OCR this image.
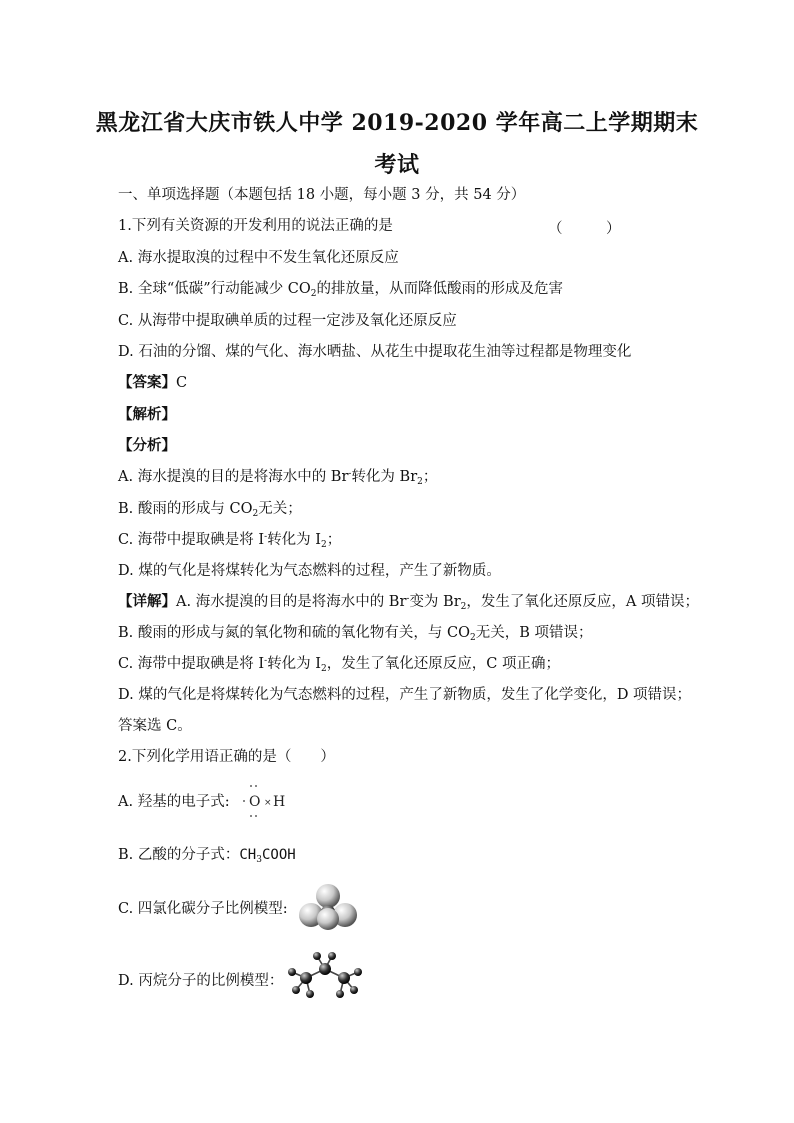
黑龙江省大庆市铁人中学 2019-2020 学年高二上学期期末
考试
一、单项选择题（本题包括 18 小题，每小题 3 分，共 54 分）
1.下列有关资源的开发利用的说法正确的是	（　　　）
A. 海水提取溴的过程中不发生氧化还原反应
B. 全球“低碳”行动能减少 $CO_2$的排放量，从而降低酸雨的形成及危害
C. 从海带中提取碘单质的过程一定涉及氧化还原反应
D. 石油的分馏、煤的气化、海水晒盐、从花生中提取花生油等过程都是物理变化
【答案】C
【解析】
【分析】
A. 海水提溴的目的是将海水中的 Br-转化为 $Br_2$；
B. 酸雨的形成与 $CO_2$无关；
C. 海带中提取碘是将 I-转化为 $I_2$；
D. 煤的气化是将煤转化为气态燃料的过程，产生了新物质。
【详解】A. 海水提溴的目的是将海水中的 Br-变为 $Br_2$，发生了氧化还原反应，A 项错误；
B. 酸雨的形成与氮的氧化物和硫的氧化物有关，与 $CO_2$无关，B 项错误；
C. 海带中提取碘是将 I-转化为 $I_2$，发生了氧化还原反应，C 项正确；
D. 煤的气化是将煤转化为气态燃料的过程，产生了新物质，发生了化学变化，D 项错误；
答案选 C。
2.下列化学用语正确的是（　　）
A. 羟基的电子式: O × H
B. 乙酸的分子式：$CH_3COOH$
C. 四氯化碳分子比例模型:
D. 丙烷分子的比例模型：
